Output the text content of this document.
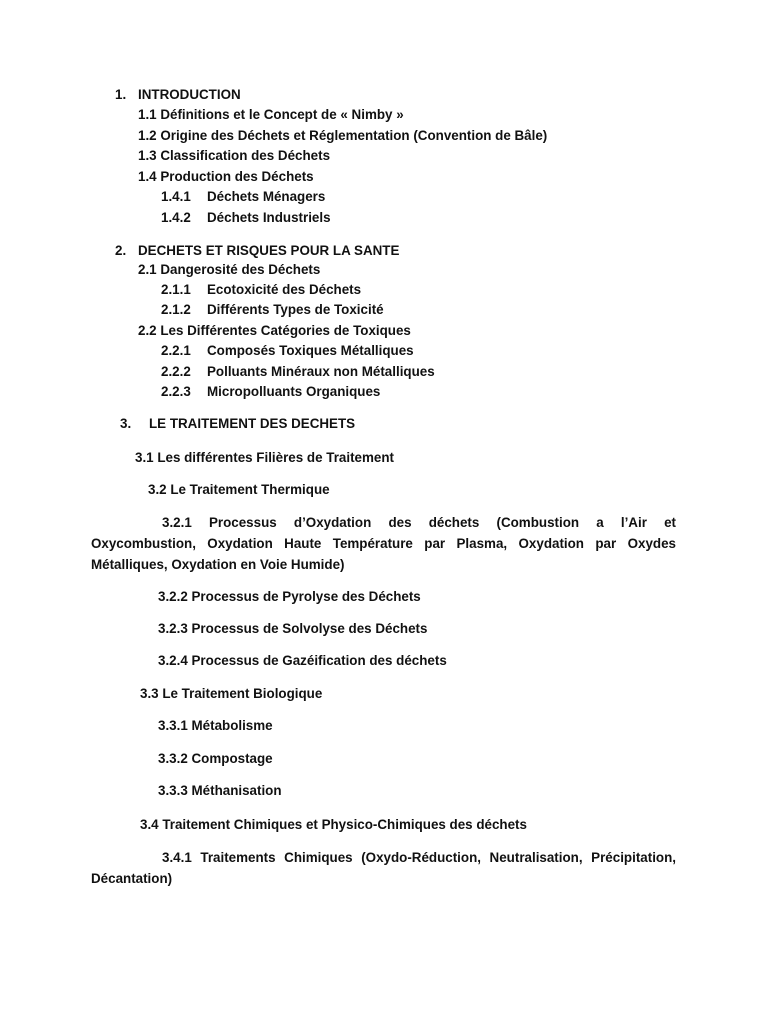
1. INTRODUCTION
1.1 Définitions et le Concept de « Nimby »
1.2 Origine des Déchets et Réglementation (Convention de Bâle)
1.3 Classification des Déchets
1.4 Production des Déchets
1.4.1 Déchets Ménagers
1.4.2 Déchets Industriels
2. DECHETS ET RISQUES POUR LA SANTE
2.1 Dangerosité des Déchets
2.1.1 Ecotoxicité des Déchets
2.1.2 Différents Types de Toxicité
2.2 Les Différentes Catégories de Toxiques
2.2.1 Composés Toxiques Métalliques
2.2.2 Polluants Minéraux non Métalliques
2.2.3 Micropolluants Organiques
3. LE TRAITEMENT DES DECHETS
3.1 Les différentes Filières de Traitement
3.2 Le Traitement Thermique
3.2.1 Processus d’Oxydation des déchets (Combustion a l’Air et Oxycombustion, Oxydation Haute Température par Plasma, Oxydation par Oxydes Métalliques, Oxydation en Voie Humide)
3.2.2 Processus de Pyrolyse des Déchets
3.2.3 Processus de Solvolyse des Déchets
3.2.4 Processus de Gazéification des déchets
3.3 Le Traitement Biologique
3.3.1 Métabolisme
3.3.2 Compostage
3.3.3 Méthanisation
3.4 Traitement Chimiques et Physico-Chimiques des déchets
3.4.1 Traitements Chimiques (Oxydo-Réduction, Neutralisation, Précipitation, Décantation)
